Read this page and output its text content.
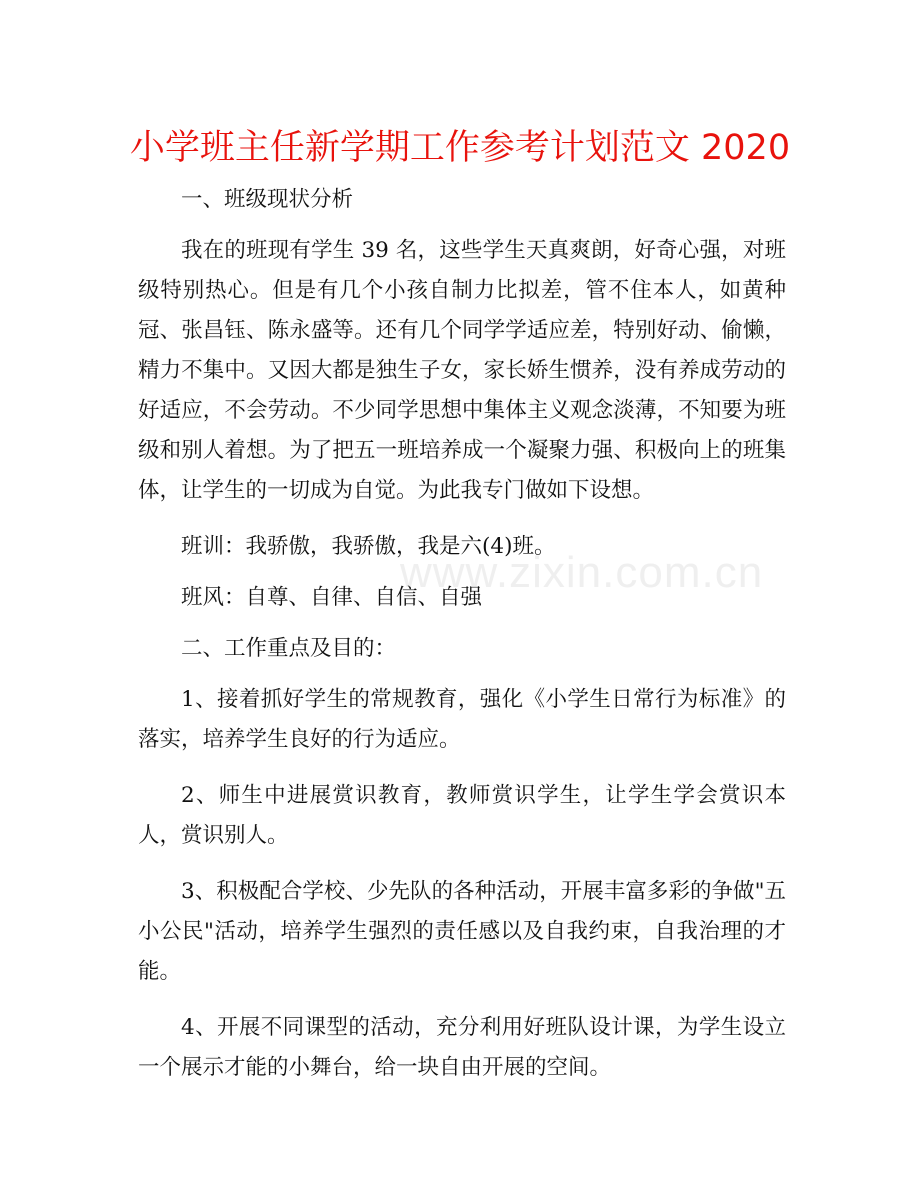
小学班主任新学期工作参考计划范文 2020

一、班级现状分析

我在的班现有学生 39 名，这些学生天真爽朗，好奇心强，对班级特别热心。但是有几个小孩自制力比拟差，管不住本人，如黄种冠、张昌钰、陈永盛等。还有几个同学学适应差，特别好动、偷懒，精力不集中。又因大都是独生子女，家长娇生惯养，没有养成劳动的好适应，不会劳动。不少同学思想中集体主义观念淡薄，不知要为班级和别人着想。为了把五一班培养成一个凝聚力强、积极向上的班集体，让学生的一切成为自觉。为此我专门做如下设想。

班训：我骄傲，我骄傲，我是六(4)班。

班风：自尊、自律、自信、自强

二、工作重点及目的：

1、接着抓好学生的常规教育，强化《小学生日常行为标准》的落实，培养学生良好的行为适应。

2、师生中进展赏识教育，教师赏识学生，让学生学会赏识本人，赏识别人。

3、积极配合学校、少先队的各种活动，开展丰富多彩的争做"五小公民"活动，培养学生强烈的责任感以及自我约束，自我治理的才能。

4、开展不同课型的活动，充分利用好班队设计课，为学生设立一个展示才能的小舞台，给一块自由开展的空间。

www.zixin.com.cn
